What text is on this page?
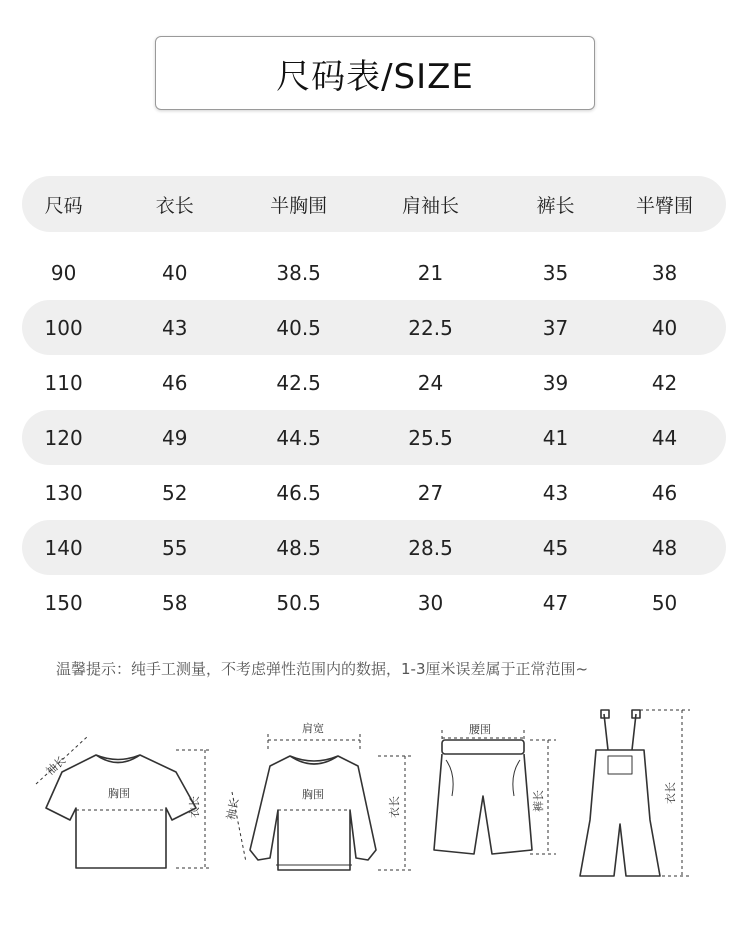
尺码表/SIZE
尺码	衣长	半胸围	肩袖长	裤长	半臀围
90	40	38.5	21	35	38
100	43	40.5	22.5	37	40
110	46	42.5	24	39	42
120	49	44.5	25.5	41	44
130	52	46.5	27	43	46
140	55	48.5	28.5	45	48
150	58	50.5	30	47	50
温馨提示：纯手工测量，不考虑弹性范围内的数据，1-3厘米误差属于正常范围~
袖长
胸围
衣长
肩宽
袖长
胸围
衣长
腰围
裤长	衣长
